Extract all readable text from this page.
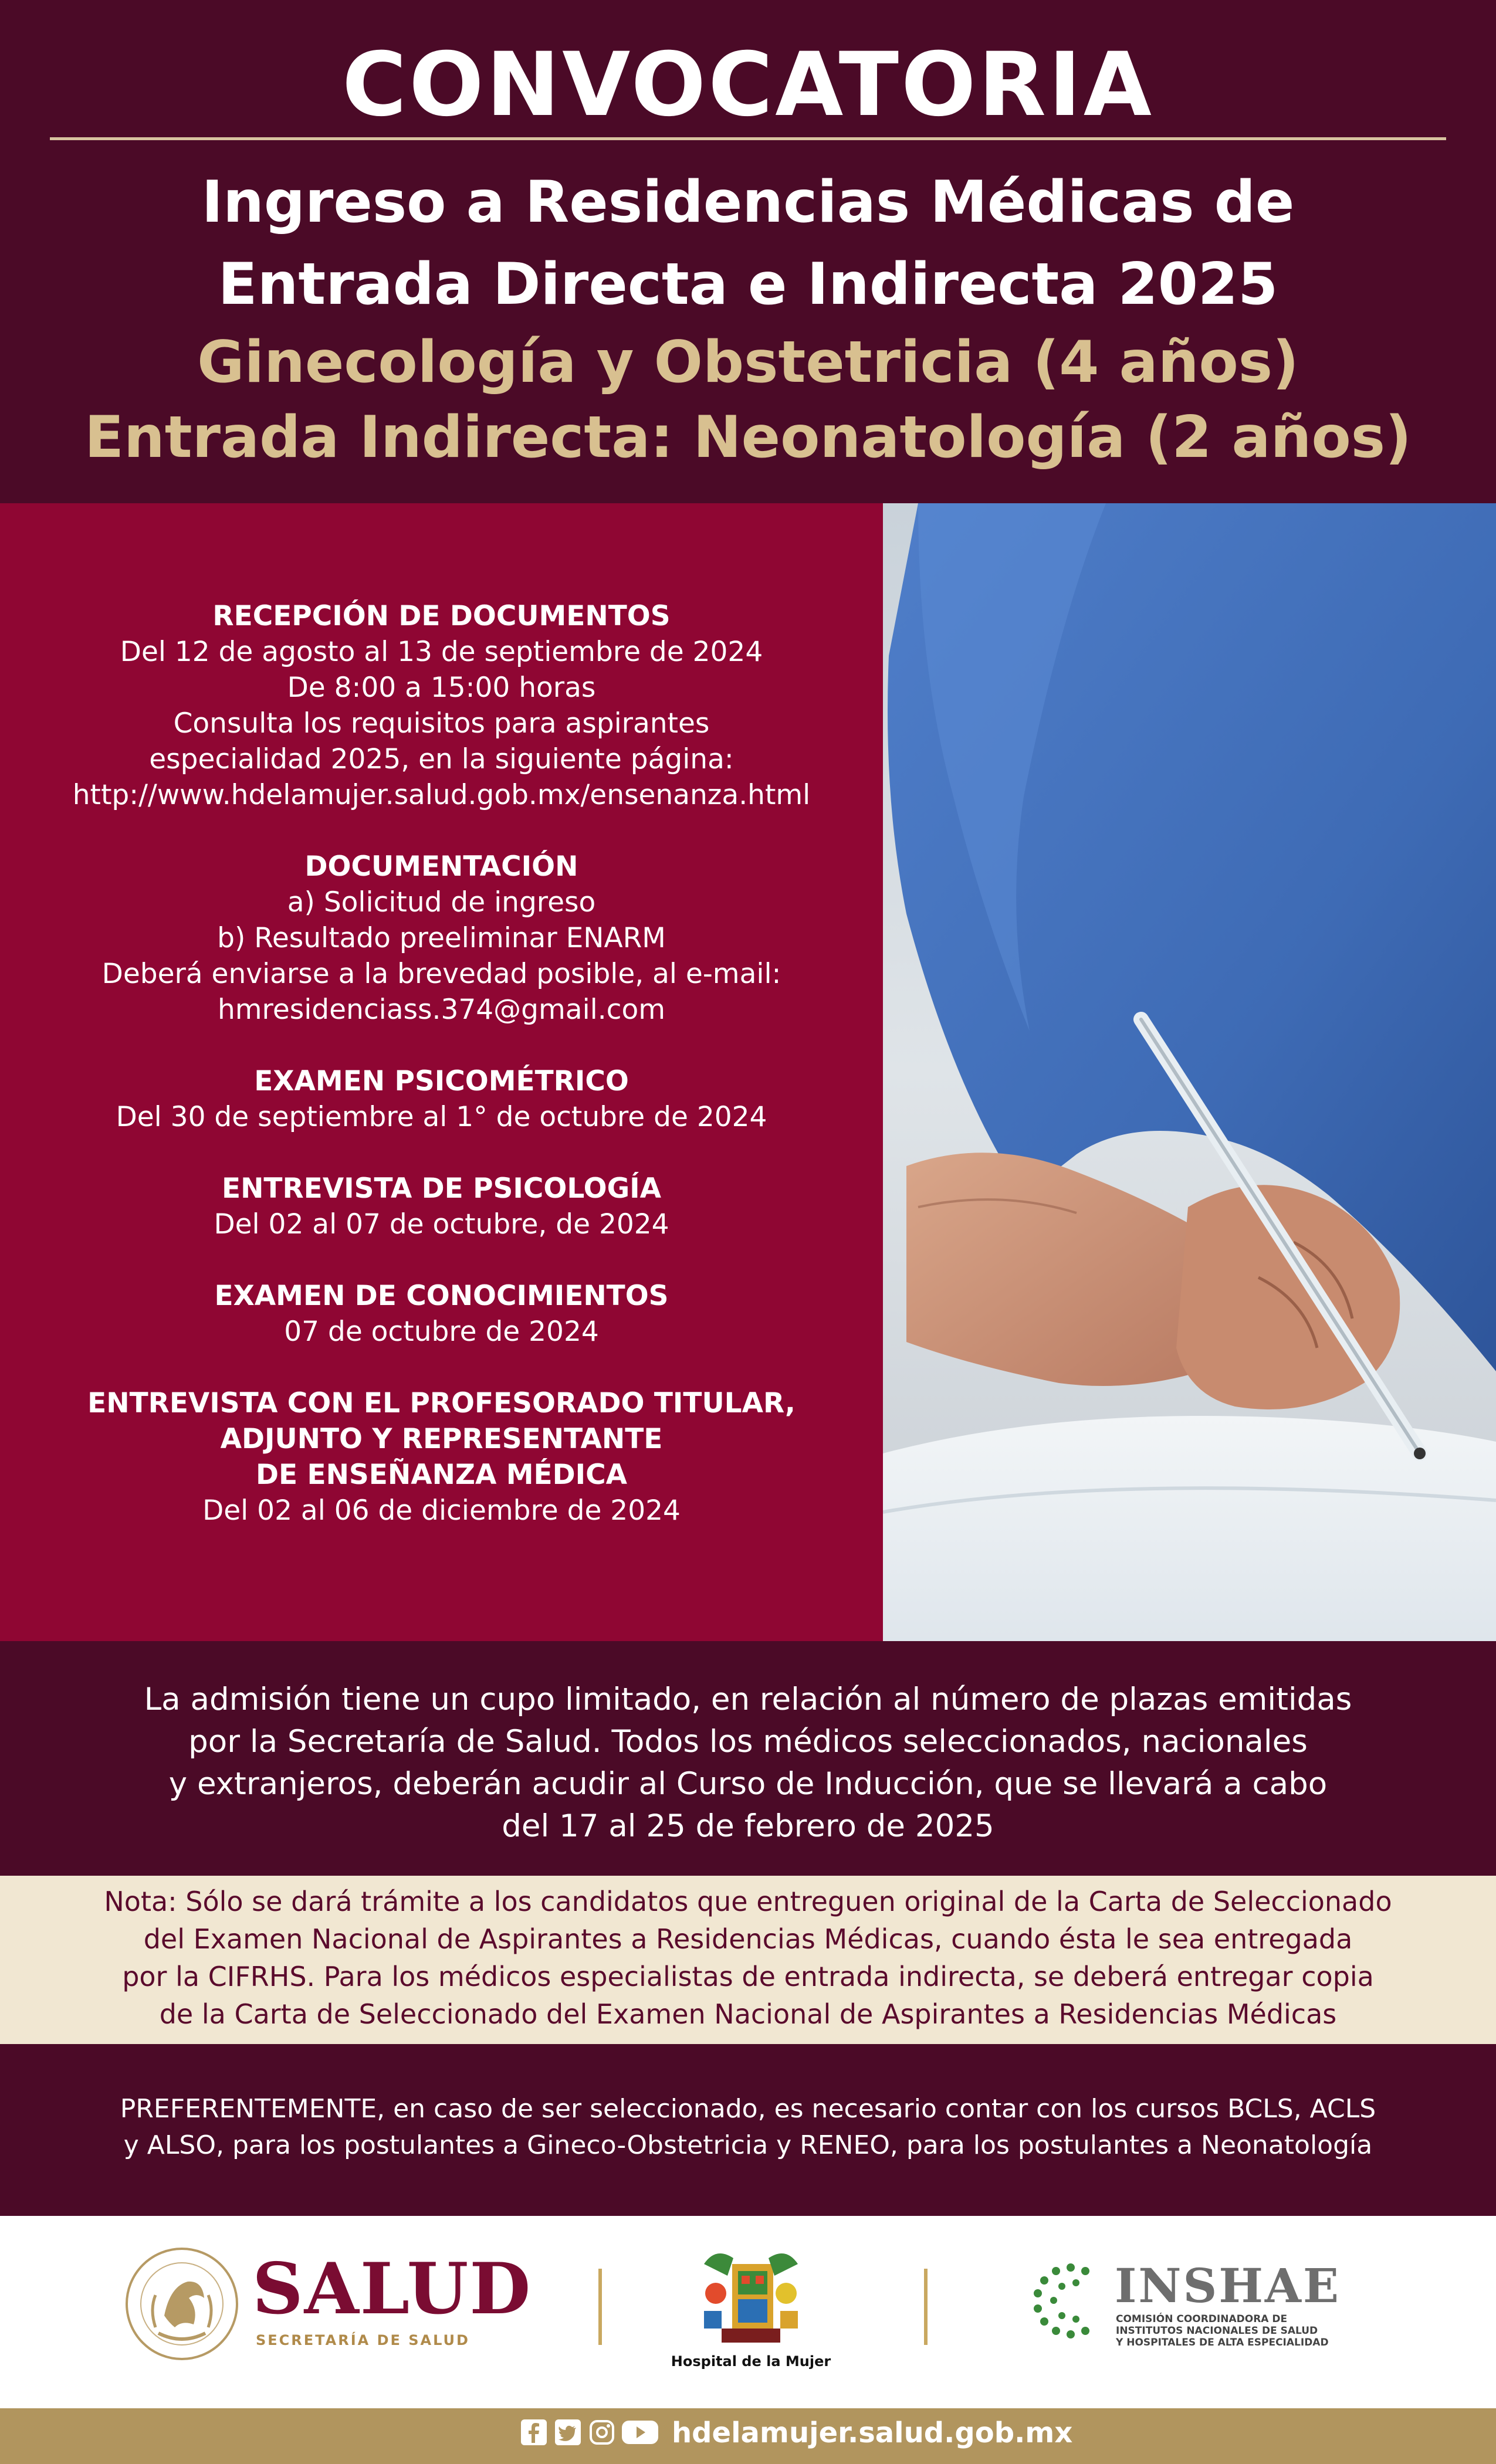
CONVOCATORIA
Ingreso a Residencias Médicas de
Entrada Directa e Indirecta 2025
Ginecología y Obstetricia (4 años)
Entrada Indirecta: Neonatología (2 años)
RECEPCIÓN DE DOCUMENTOS
Del 12 de agosto al 13 de septiembre de 2024
De 8:00 a 15:00 horas
Consulta los requisitos para aspirantes
especialidad 2025, en la siguiente página:
http://www.hdelamujer.salud.gob.mx/ensenanza.html
DOCUMENTACIÓN
a) Solicitud de ingreso
b) Resultado preeliminar ENARM
Deberá enviarse a la brevedad posible, al e-mail:
hmresidenciass.374@gmail.com
EXAMEN PSICOMÉTRICO
Del 30 de septiembre al 1° de octubre de 2024
ENTREVISTA DE PSICOLOGÍA
Del 02 al 07 de octubre, de 2024
EXAMEN DE CONOCIMIENTOS
07 de octubre de 2024
ENTREVISTA CON EL PROFESORADO TITULAR,
ADJUNTO Y REPRESENTANTE
DE ENSEÑANZA MÉDICA
Del 02 al 06 de diciembre de 2024
La admisión tiene un cupo limitado, en relación al número de plazas emitidas
por la Secretaría de Salud. Todos los médicos seleccionados, nacionales
y extranjeros, deberán acudir al Curso de Inducción, que se llevará a cabo
del 17 al 25 de febrero de 2025
Nota: Sólo se dará trámite a los candidatos que entreguen original de la Carta de Seleccionado
del Examen Nacional de Aspirantes a Residencias Médicas, cuando ésta le sea entregada
por la CIFRHS. Para los médicos especialistas de entrada indirecta, se deberá entregar copia
de la Carta de Seleccionado del Examen Nacional de Aspirantes a Residencias Médicas
PREFERENTEMENTE, en caso de ser seleccionado, es necesario contar con los cursos BCLS, ACLS
y ALSO, para los postulantes a Gineco-Obstetricia y RENEO, para los postulantes a Neonatología
SALUD
SECRETARÍA DE SALUD
Hospital de la Mujer
INSHAE
COMISIÓN COORDINADORA DE
INSTITUTOS NACIONALES DE SALUD
Y HOSPITALES DE ALTA ESPECIALIDAD
hdelamujer.salud.gob.mx
